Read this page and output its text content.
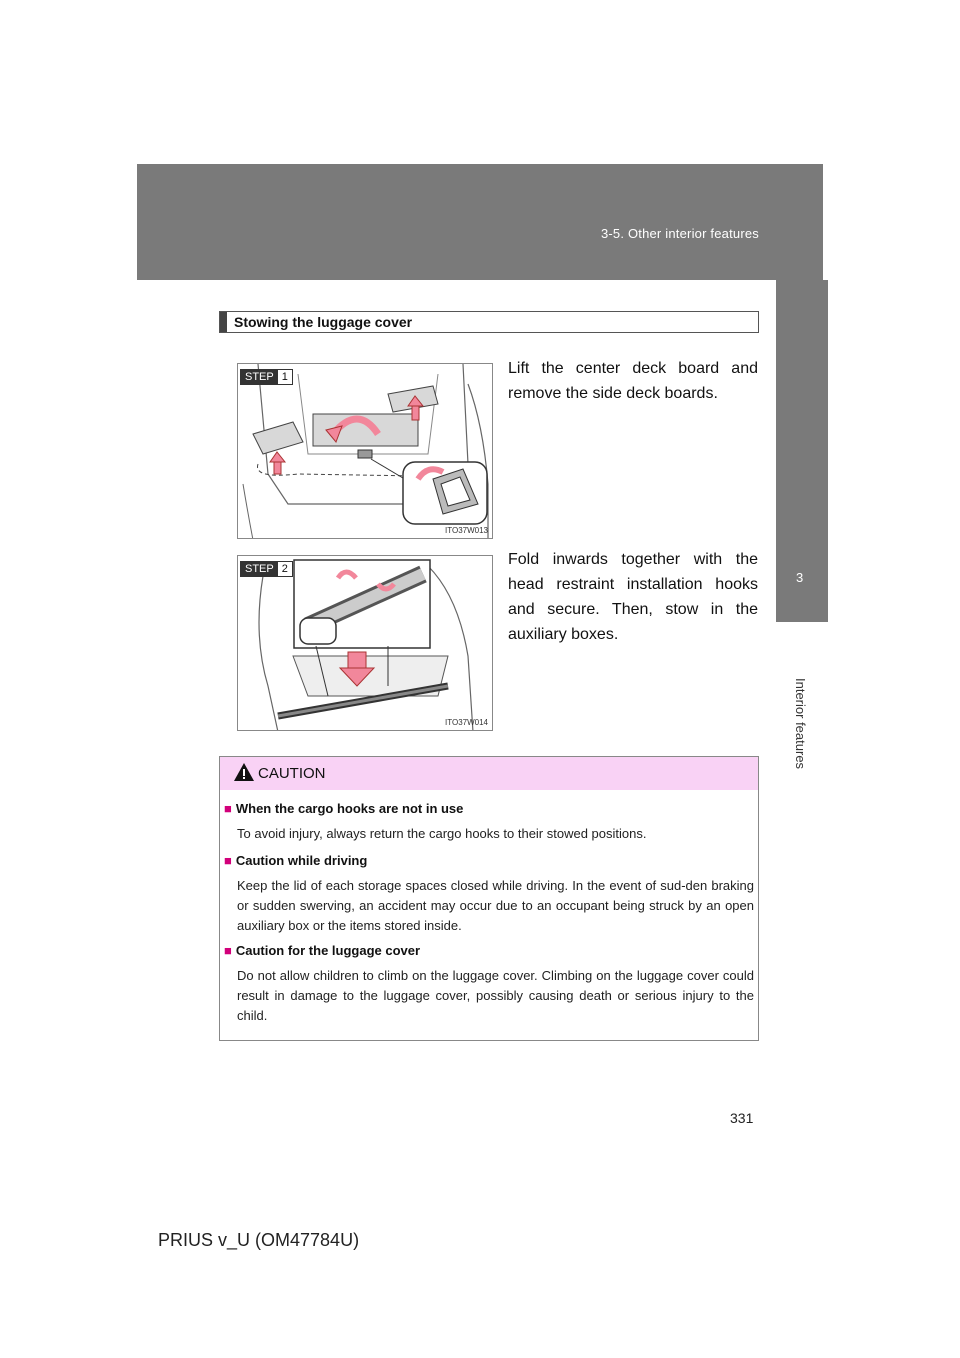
3-5. Other interior features
3
Interior features
Stowing the luggage cover
STEP 1
ITO37W013
Lift the center deck board and remove the side deck boards.
STEP 2
ITO37W014
Fold inwards together with the head restraint installation hooks and secure. Then, stow in the auxiliary boxes.
CAUTION
■ When the cargo hooks are not in use
To avoid injury, always return the cargo hooks to their stowed positions.
■ Caution while driving
Keep the lid of each storage spaces closed while driving. In the event of sud-den braking or sudden swerving, an accident may occur due to an occupant being struck by an open auxiliary box or the items stored inside.
■ Caution for the luggage cover
Do not allow children to climb on the luggage cover. Climbing on the luggage cover could result in damage to the luggage cover, possibly causing death or serious injury to the child.
331
PRIUS v_U (OM47784U)
